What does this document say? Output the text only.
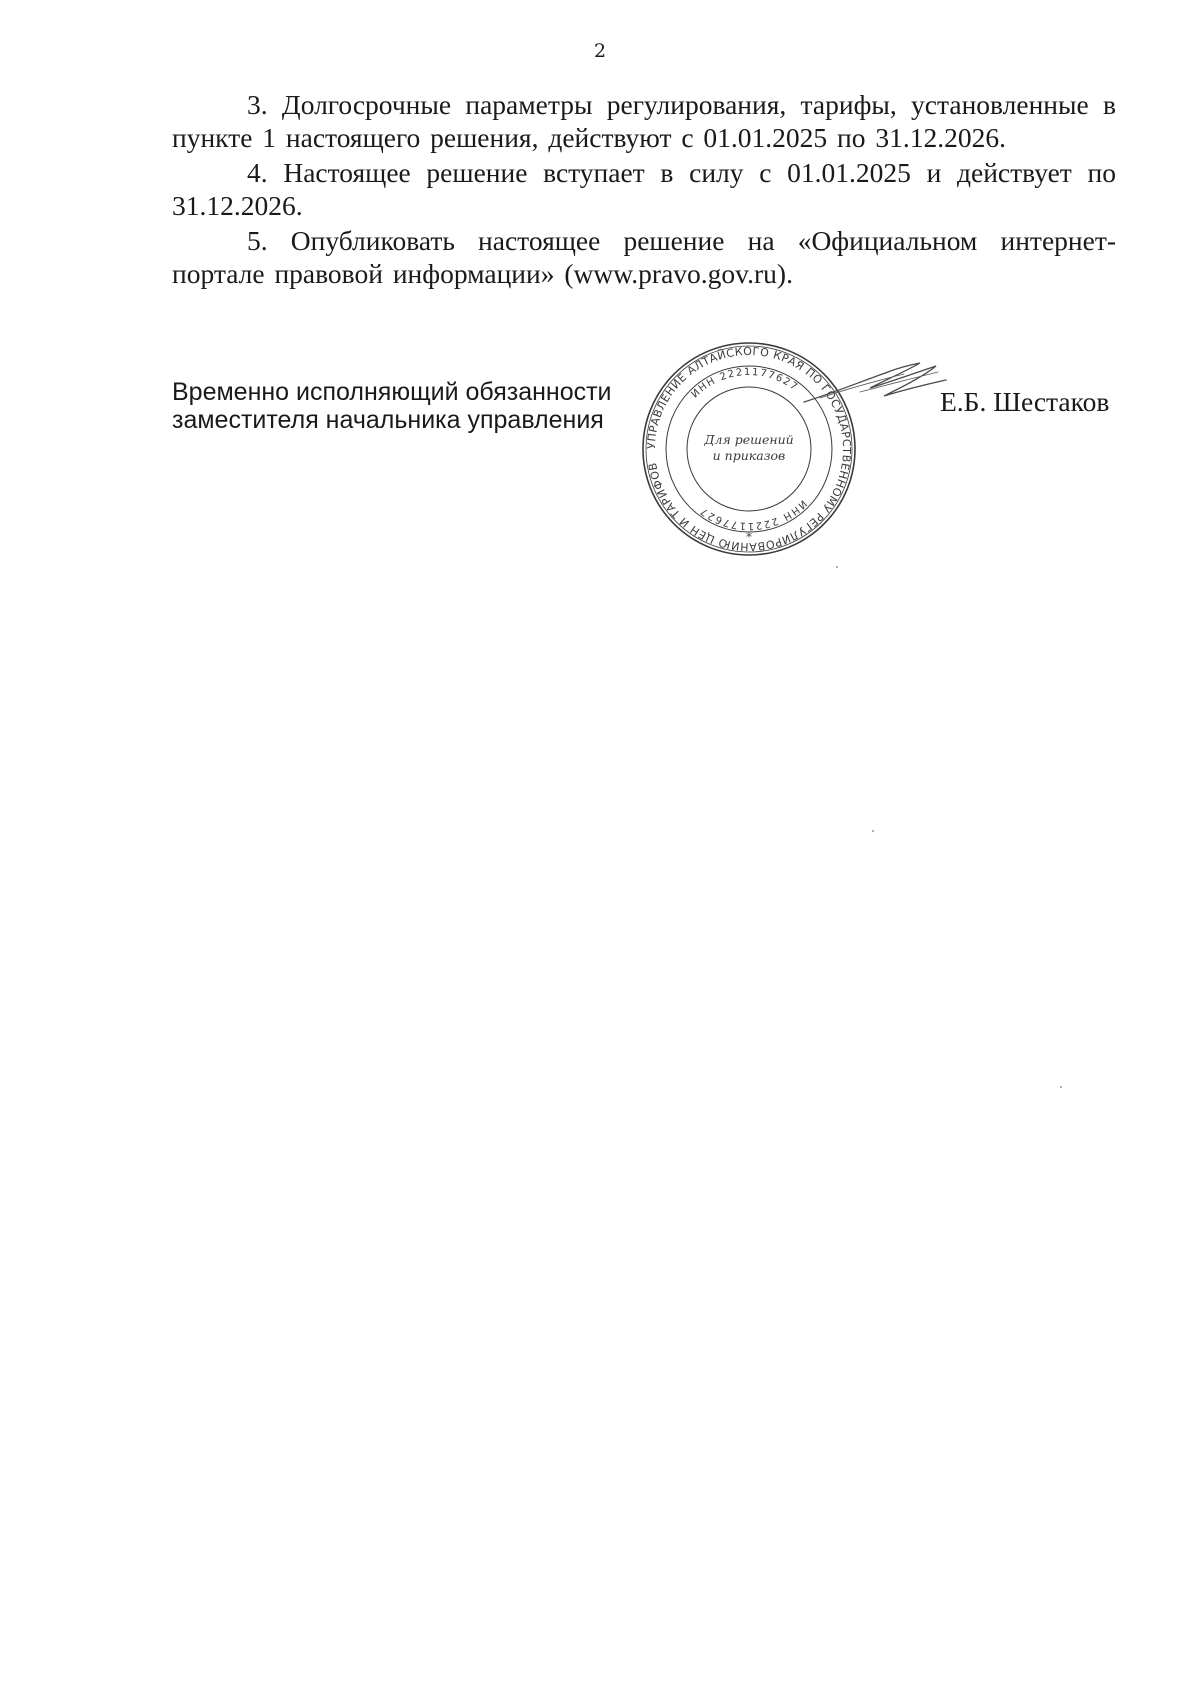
2

3. Долгосрочные параметры регулирования, тарифы, установленные в пункте 1 настоящего решения, действуют с 01.01.2025 по 31.12.2026.

4. Настоящее решение вступает в силу с 01.01.2025 и действует по 31.12.2026.

5. Опубликовать настоящее решение на «Официальном интернет-портале правовой информации» (www.pravo.gov.ru).

Временно исполняющий обязанности
заместителя начальника управления
УПРАВЛЕНИЕ АЛТАЙСКОГО КРАЯ ПО ГОСУДАРСТВЕННОМУ РЕГУЛИРОВАНИЮ ЦЕН И ТАРИФОВ
ИНН 2221177627
ИНН 2221177627
Для решений
и приказов
*
Е.Б. Шестаков
